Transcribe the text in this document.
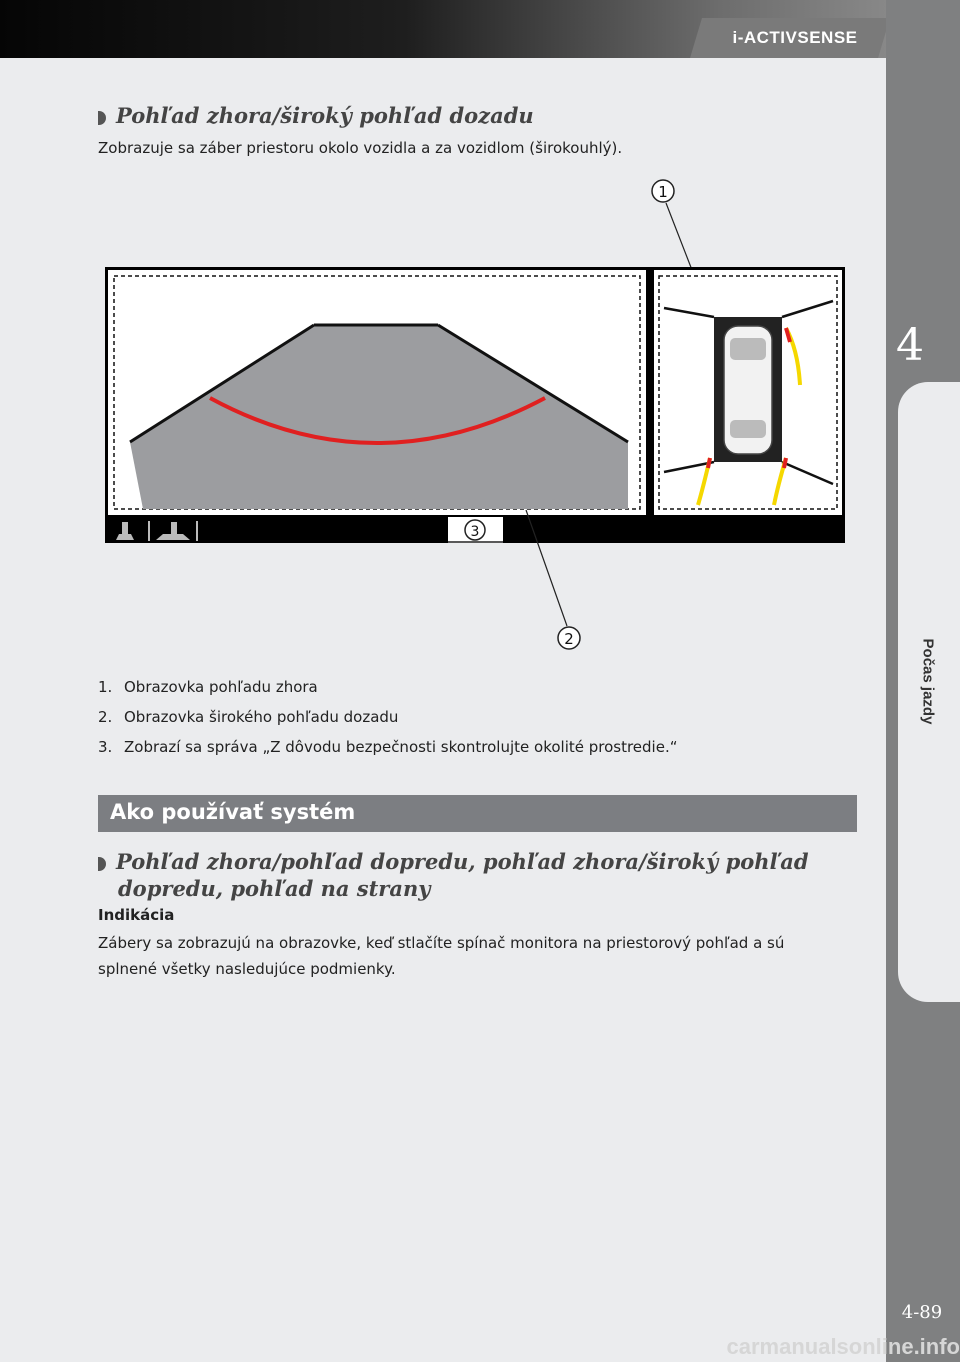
i-ACTIVSENSE
4
Počas jazdy
4-89
Pohľad zhora/široký pohľad dozadu
Zobrazuje sa záber priestoru okolo vozidla a za vozidlom (širokouhlý).
1
3
2
1. Obrazovka pohľadu zhora
2. Obrazovka širokého pohľadu dozadu
3. Zobrazí sa správa „Z dôvodu bezpečnosti skontrolujte okolité prostredie.“
Ako používať systém
Pohľad zhora/pohľad dopredu, pohľad zhora/široký pohľad
dopredu, pohľad na strany
Indikácia
Zábery sa zobrazujú na obrazovke, keď stlačíte spínač monitora na priestorový pohľad a sú splnené všetky nasledujúce podmienky.
carmanualsonline.info
